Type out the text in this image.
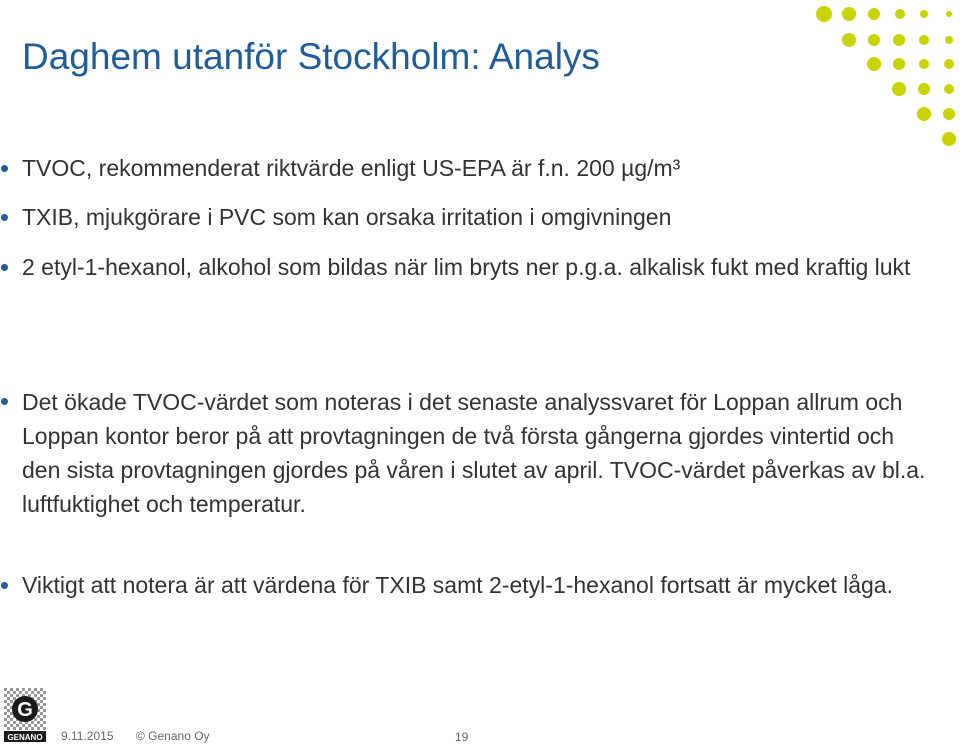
Daghem utanför Stockholm: Analys
TVOC, rekommenderat riktvärde enligt US-EPA är f.n. 200 µg/m³
TXIB, mjukgörare i PVC som kan orsaka irritation i omgivningen
2 etyl-1-hexanol, alkohol som bildas när lim bryts ner p.g.a. alkalisk fukt med kraftig lukt
Det ökade TVOC-värdet som noteras i det senaste analyssvaret för Loppan allrum och Loppan kontor beror på att provtagningen de två första gångerna gjordes vintertid och den sista provtagningen gjordes på våren i slutet av april. TVOC-värdet påverkas av bl.a. luftfuktighet och temperatur.
Viktigt att notera är att värdena för TXIB samt 2-etyl-1-hexanol fortsatt är mycket låga.
G
GENANO 9.11.2015 © Genano Oy	19
